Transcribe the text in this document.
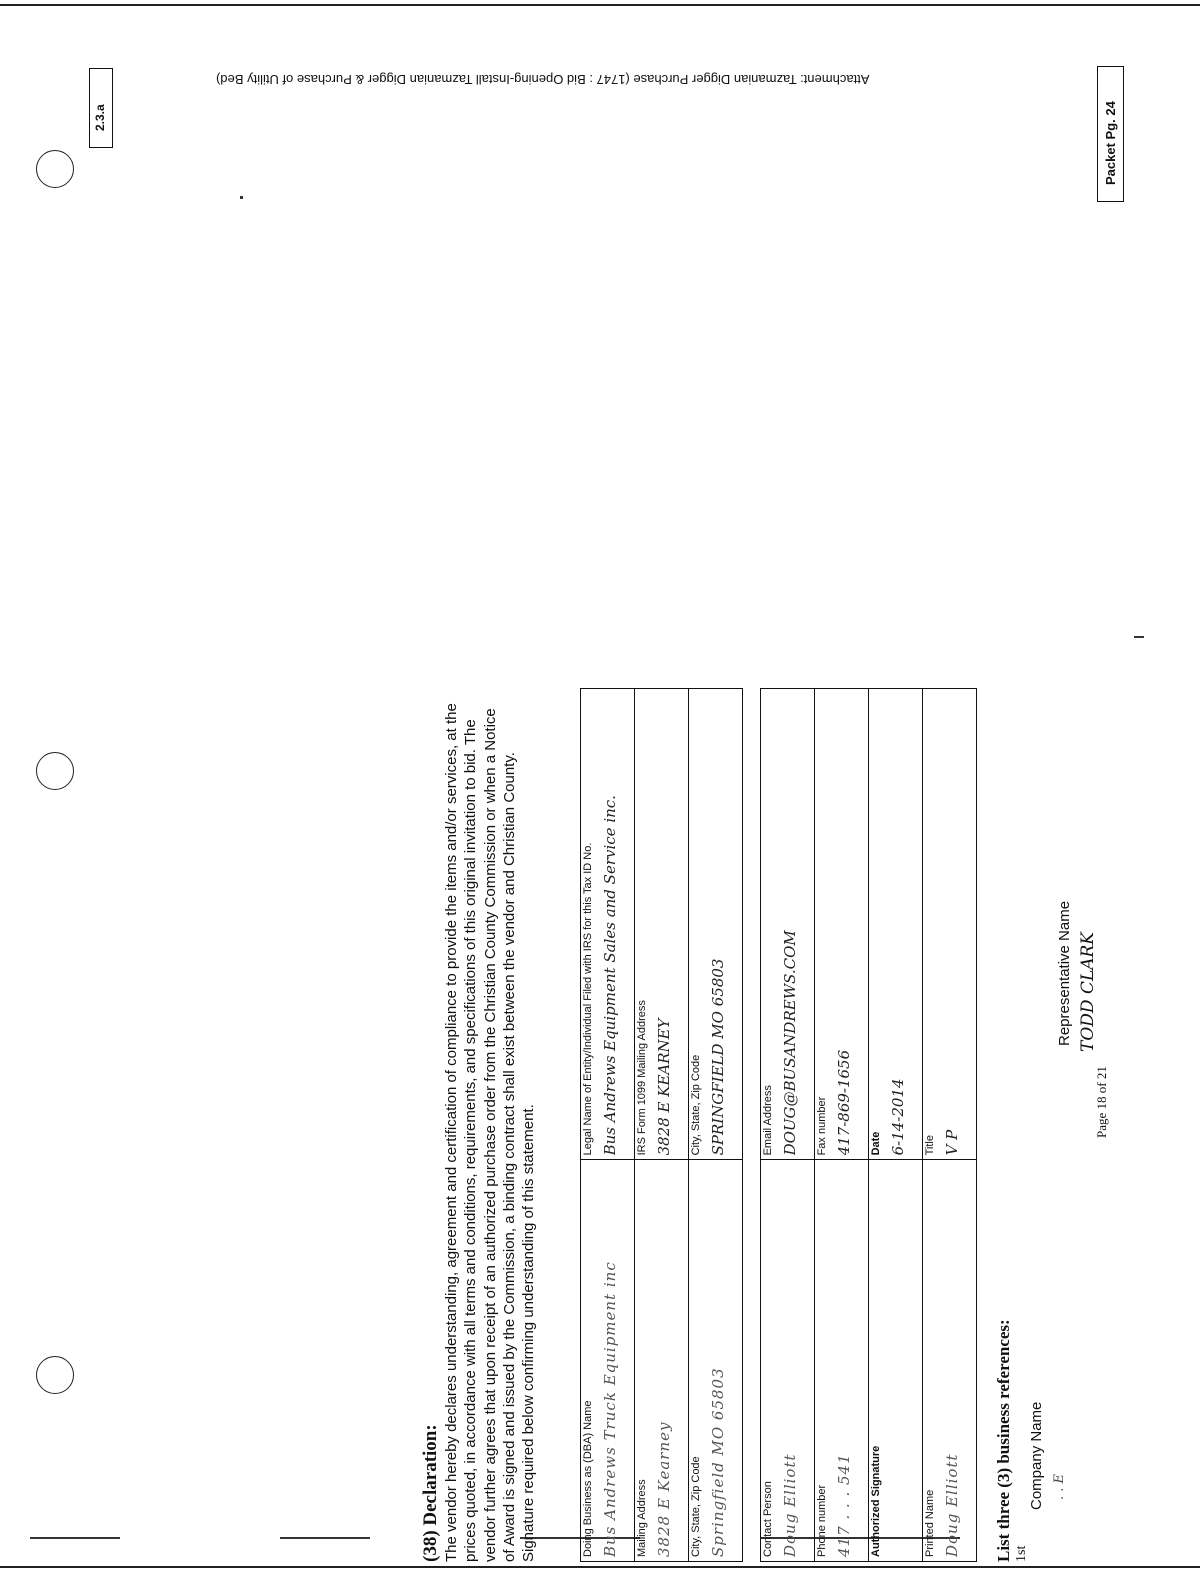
Attachment: Tazmanian Digger Purchase (1747 : Bid Opening-Install Tazmanian Digger & Purchase of Utility Bed)
2.3.a	Packet Pg. 24
(38) Declaration: The vendor hereby declares understanding, agreement and certification of compliance to provide the items and/or services, at the prices quoted, in accordance with all terms and conditions, requirements, and specifications of this original invitation to bid. The vendor further agrees that upon receipt of an authorized purchase order from the Christian County Commission or when a Notice of Award is signed and issued by the Commission, a binding contract shall exist between the vendor and Christian County. Signature required below confirming understanding of this statement.	Doing Business as (DBA) Name Bus Andrews Truck Equipment inc	Legal Name of Entity/Individual Filed with IRS for this Tax ID No. Bus Andrews Equipment Sales and Service inc.

Mailing Address 3828 E Kearney	IRS Form 1099 Mailing Address 3828 E KEARNEY

City, State, Zip Code Springfield MO 65803	City, State, Zip Code SPRINGFIELD MO 65803
Contact Person Doug Elliott	Email Address DOUG@BUSANDREWS.COM

Phone number 417 . . . 541	Fax number 417-869-1656

Authorized Signature	Date 6-14-2014

Printed Name Doug Elliott	Title V P
List three (3) business references: 1st
Company Name . . E
Representative Name TODD CLARK
Page 18 of 21
